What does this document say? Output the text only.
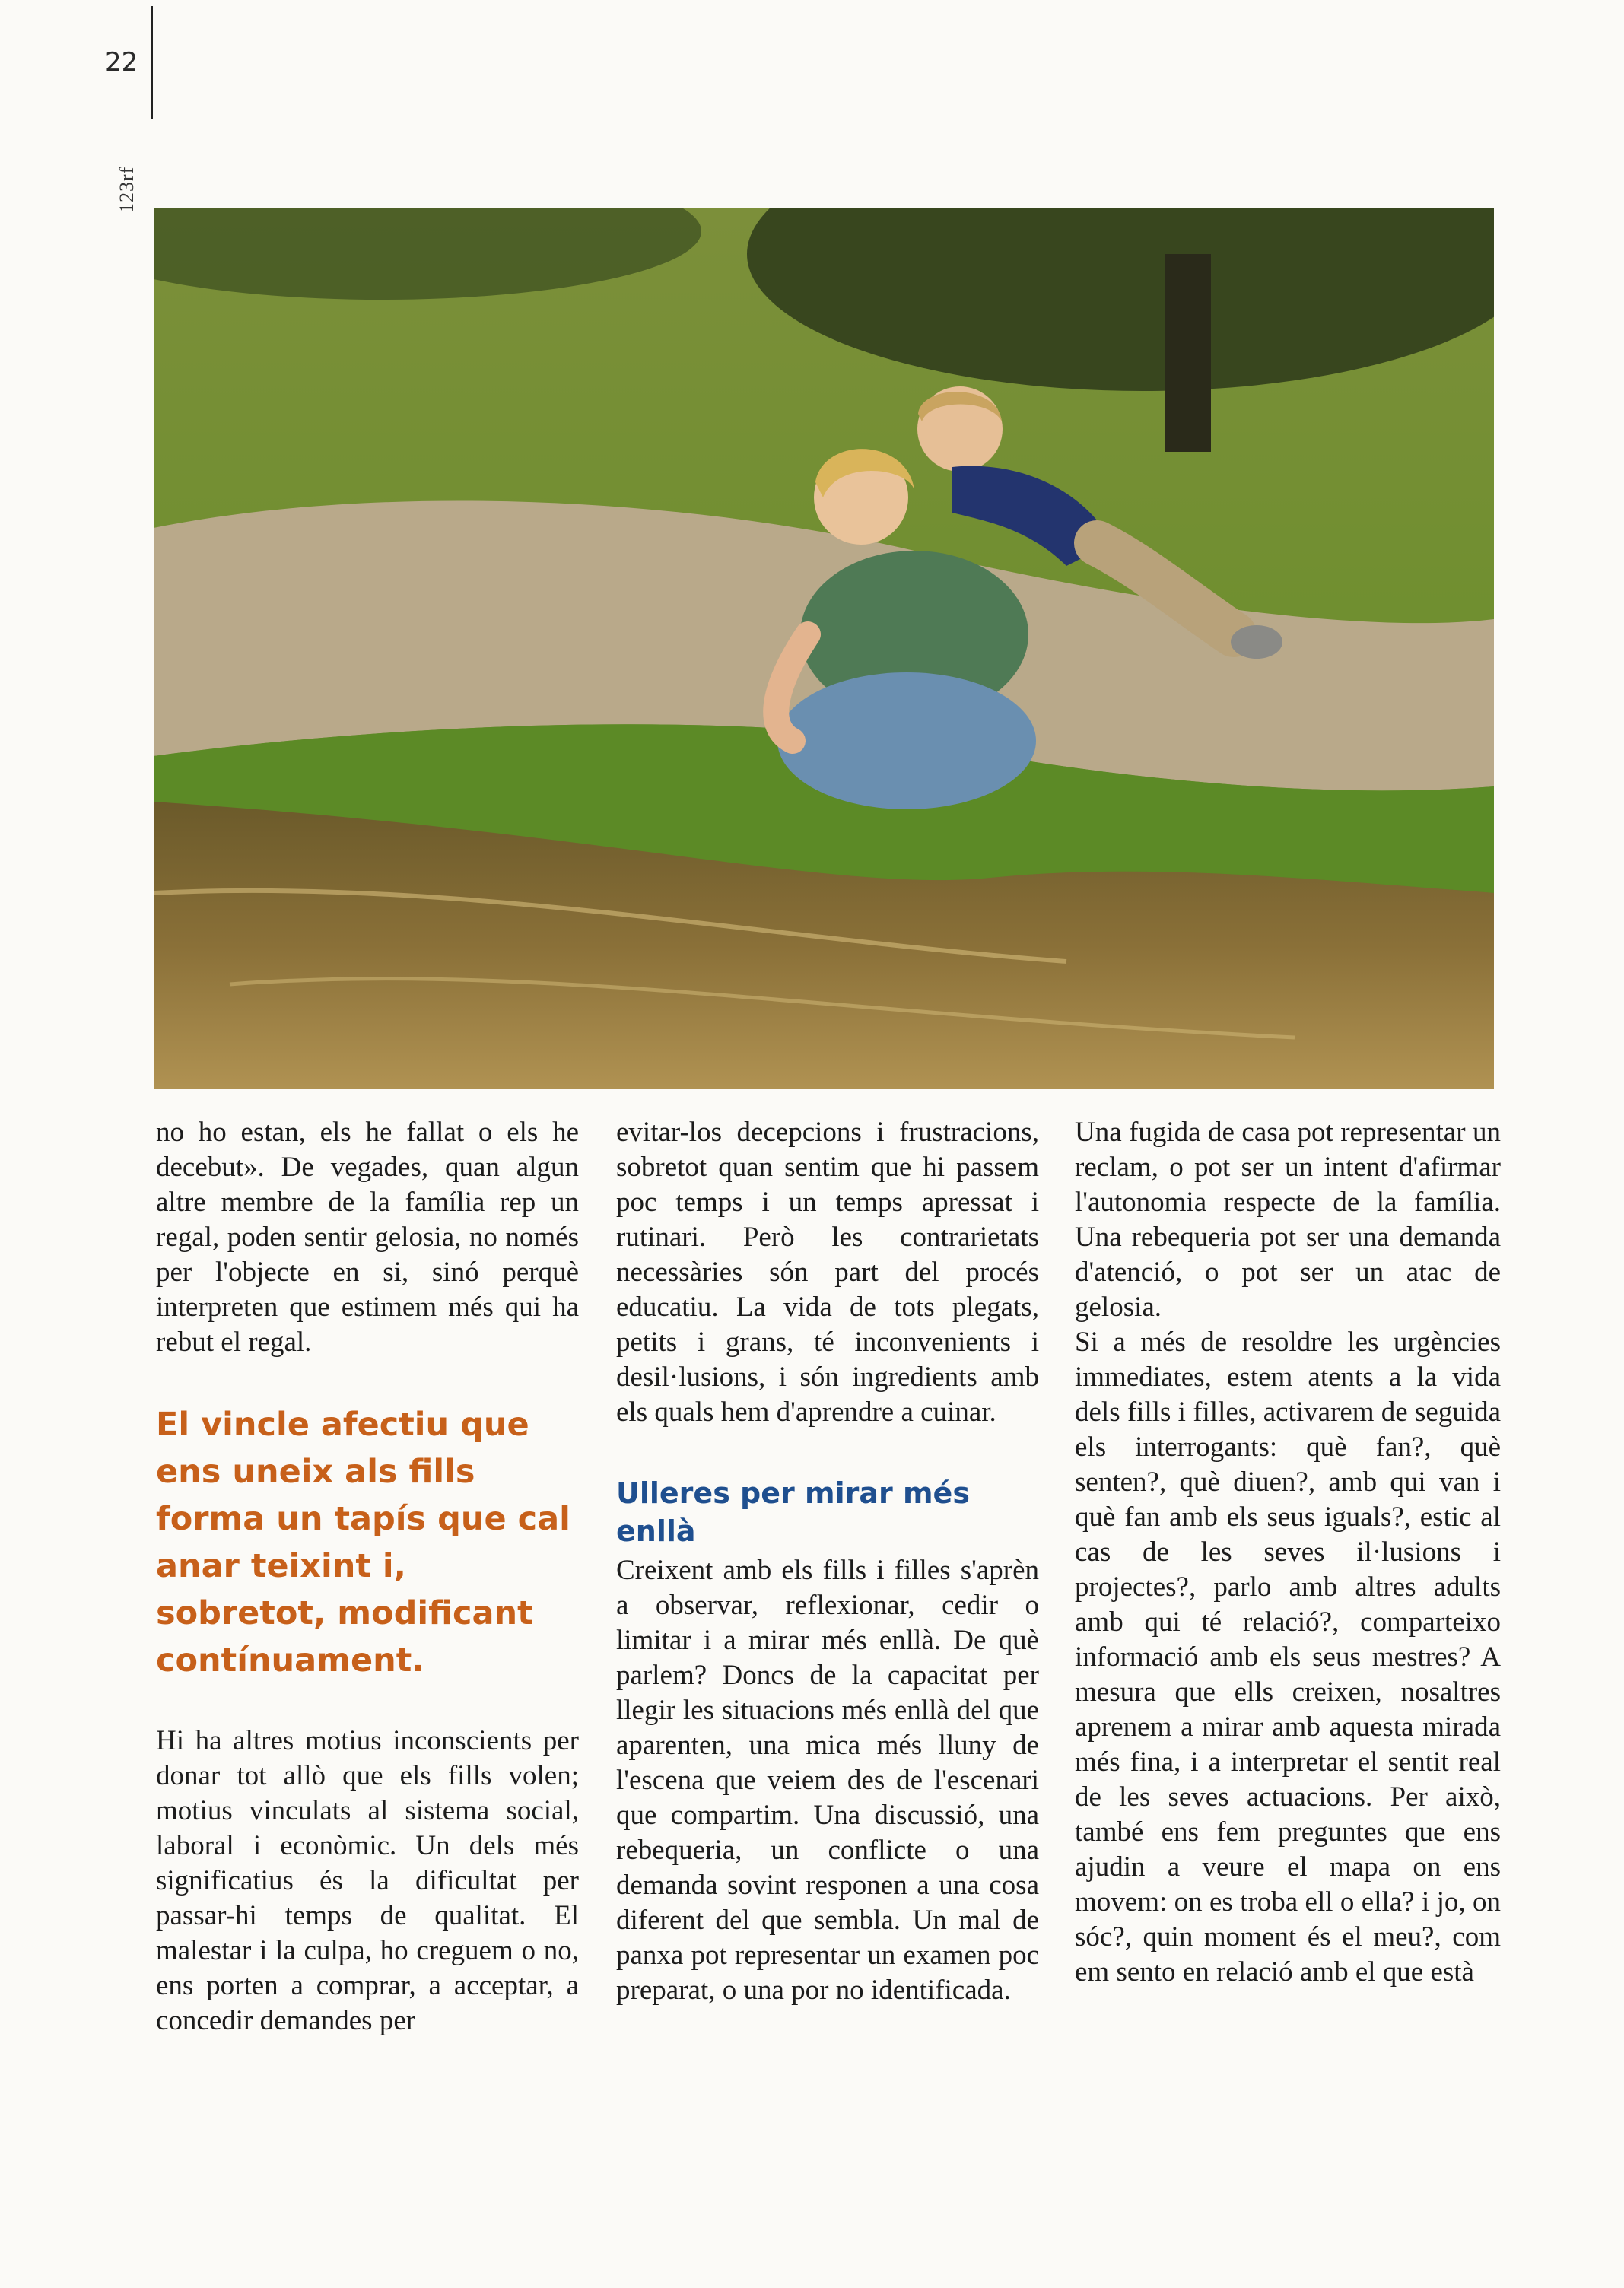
22
123rf

no ho estan, els he fallat o els he decebut». De vegades, quan algun altre membre de la família rep un regal, poden sentir gelosia, no només per l'objecte en si, sinó perquè interpreten que estimem més qui ha rebut el regal.

El vincle afectiu que ens uneix als fills forma un tapís que cal anar teixint i, sobretot, modificant contínuament.

Hi ha altres motius inconscients per donar tot allò que els fills volen; motius vinculats al sistema social, laboral i econòmic. Un dels més significatius és la dificultat per passar-hi temps de qualitat. El malestar i la culpa, ho creguem o no, ens porten a comprar, a acceptar, a concedir demandes per

evitar-los decepcions i frustracions, sobretot quan sentim que hi passem poc temps i un temps apressat i rutinari. Però les contrarietats necessàries són part del procés educatiu. La vida de tots plegats, petits i grans, té inconvenients i desil·lusions, i són ingredients amb els quals hem d'aprendre a cuinar.

Ulleres per mirar més enllà

Creixent amb els fills i filles s'aprèn a observar, reflexionar, cedir o limitar i a mirar més enllà. De què parlem? Doncs de la capacitat per llegir les situacions més enllà del que aparenten, una mica més lluny de l'escena que veiem des de l'escenari que compartim. Una discussió, una rebequeria, un conflicte o una demanda sovint responen a una cosa diferent del que sembla. Un mal de panxa pot representar un examen poc preparat, o una por no identificada.

Una fugida de casa pot representar un reclam, o pot ser un intent d'afirmar l'autonomia respecte de la família. Una rebequeria pot ser una demanda d'atenció, o pot ser un atac de gelosia.

Si a més de resoldre les urgències immediates, estem atents a la vida dels fills i filles, activarem de seguida els interrogants: què fan?, què senten?, què diuen?, amb qui van i què fan amb els seus iguals?, estic al cas de les seves il·lusions i projectes?, parlo amb altres adults amb qui té relació?, comparteixo informació amb els seus mestres? A mesura que ells creixen, nosaltres aprenem a mirar amb aquesta mirada més fina, i a interpretar el sentit real de les seves actuacions. Per això, també ens fem preguntes que ens ajudin a veure el mapa on ens movem: on es troba ell o ella? i jo, on sóc?, quin moment és el meu?, com em sento en relació amb el que està
